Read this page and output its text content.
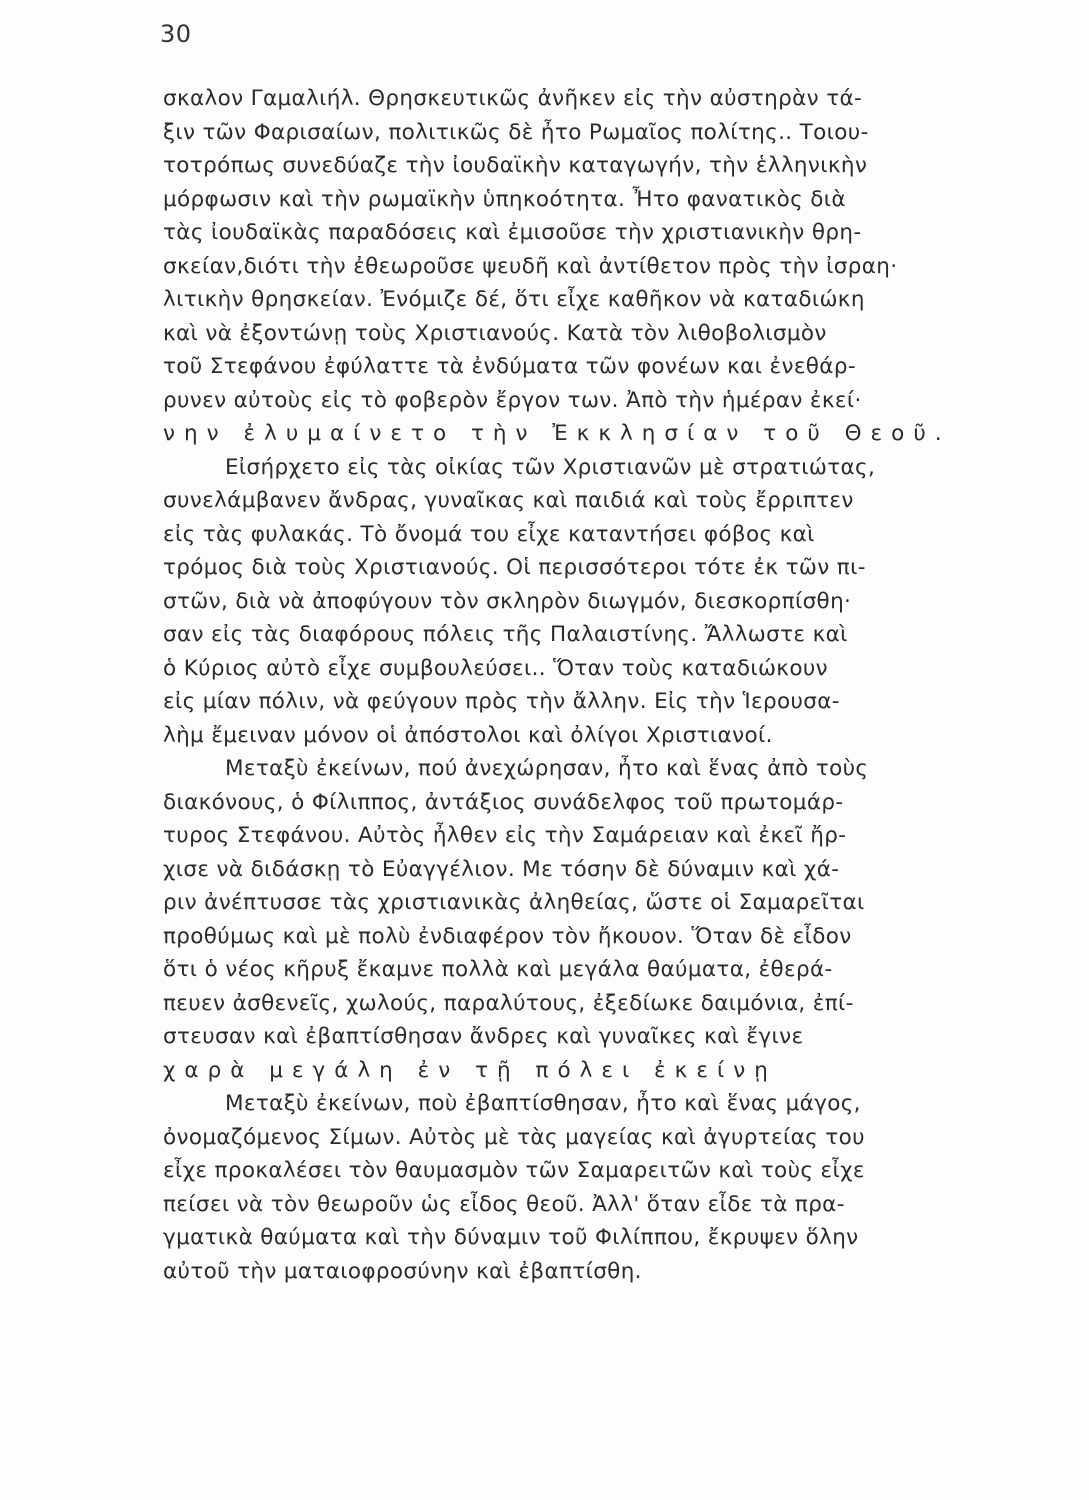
30
σκαλον Γαμαλιήλ. Θρησκευτικῶς ἀνῆκεν εἰς τὴν αὐστηρὰν τά-
ξιν τῶν Φαρισαίων, πολιτικῶς δὲ ἦτο Ρωμαῖος πολίτης.. Τοιου-
τοτρόπως συνεδύαζε τὴν ἰουδαϊκὴν καταγωγήν, τὴν ἑλληνικὴν
μόρφωσιν καὶ τὴν ρωμαϊκὴν ὑπηκοότητα. Ἦτο φανατικὸς διὰ
τὰς ἰουδαϊκὰς παραδόσεις καὶ ἐμισοῦσε τὴν χριστιανικὴν θρη-
σκείαν,διότι τὴν ἐθεωροῦσε ψευδῆ καὶ ἀντίθετον πρὸς τὴν ἰσραη·
λιτικὴν θρησκείαν. Ἐνόμιζε δέ, ὅτι εἶχε καθῆκον νὰ καταδιώκη
καὶ νὰ ἐξοντώνῃ τοὺς Χριστιανούς. Κατὰ τὸν λιθοβολισμὸν
τοῦ Στεφάνου ἐφύλαττε τὰ ἐνδύματα τῶν φονέων και ἐνεθάρ-
ρυνεν αὐτοὺς εἰς τὸ φοβερὸν ἔργον των. Ἀπὸ τὴν ἡμέραν ἐκεί·
νην ἐλυμαίνετο τὴν Ἐκκλησίαν τοῦ Θεοῦ.
Εἰσήρχετο εἰς τὰς οἰκίας τῶν Χριστιανῶν μὲ στρατιώτας,
συνελάμβανεν ἄνδρας, γυναῖκας καὶ παιδιά καὶ τοὺς ἔρριπτεν
εἰς τὰς φυλακάς. Τὸ ὄνομά του εἶχε καταντήσει φόβος καὶ
τρόμος διὰ τοὺς Χριστιανούς. Οἱ περισσότεροι τότε ἐκ τῶν πι-
στῶν, διὰ νὰ ἀποφύγουν τὸν σκληρὸν διωγμόν, διεσκορπίσθη·
σαν εἰς τὰς διαφόρους πόλεις τῆς Παλαιστίνης. Ἄλλωστε καὶ
ὁ Κύριος αὐτὸ εἶχε συμβουλεύσει.. Ὅταν τοὺς καταδιώκουν
εἰς μίαν πόλιν, νὰ φεύγουν πρὸς τὴν ἄλλην. Εἰς τὴν Ἱερουσα-
λὴμ ἔμειναν μόνον οἱ ἀπόστολοι καὶ ὀλίγοι Χριστιανοί.
Μεταξὺ ἐκείνων, πού ἀνεχώρησαν, ἦτο καὶ ἕνας ἀπὸ τοὺς
διακόνους, ὁ Φίλιππος, ἀντάξιος συνάδελφος τοῦ πρωτομάρ-
τυρος Στεφάνου. Αὐτὸς ἦλθεν εἰς τὴν Σαμάρειαν καὶ ἐκεῖ ἤρ-
χισε νὰ διδάσκῃ τὸ Εὐαγγέλιον. Με τόσην δὲ δύναμιν καὶ χά-
ριν ἀνέπτυσσε τὰς χριστιανικὰς ἀληθείας, ὥστε οἱ Σαμαρεῖται
προθύμως καὶ μὲ πολὺ ἐνδιαφέρον τὸν ἤκουον. Ὅταν δὲ εἶδον
ὅτι ὁ νέος κῆρυξ ἔκαμνε πολλὰ καὶ μεγάλα θαύματα, ἐθερά-
πευεν ἀσθενεῖς, χωλούς, παραλύτους, ἐξεδίωκε δαιμόνια, ἐπί-
στευσαν καὶ ἐβαπτίσθησαν ἄνδρες καὶ γυναῖκες καὶ ἔγινε
χαρὰ μεγάλη ἐν τῇ πόλει ἐκείνῃ
Μεταξὺ ἐκείνων, ποὺ ἐβαπτίσθησαν, ἦτο καὶ ἕνας μάγος,
ὀνομαζόμενος Σίμων. Αὐτὸς μὲ τὰς μαγείας καὶ ἀγυρτείας του
εἶχε προκαλέσει τὸν θαυμασμὸν τῶν Σαμαρειτῶν καὶ τοὺς εἶχε
πείσει νὰ τὸν θεωροῦν ὡς εἶδος θεοῦ. Ἀλλ' ὅταν εἶδε τὰ πρα-
γματικὰ θαύματα καὶ τὴν δύναμιν τοῦ Φιλίππου, ἔκρυψεν ὅλην
αὐτοῦ τὴν ματαιοφροσύνην καὶ ἐβαπτίσθη.
